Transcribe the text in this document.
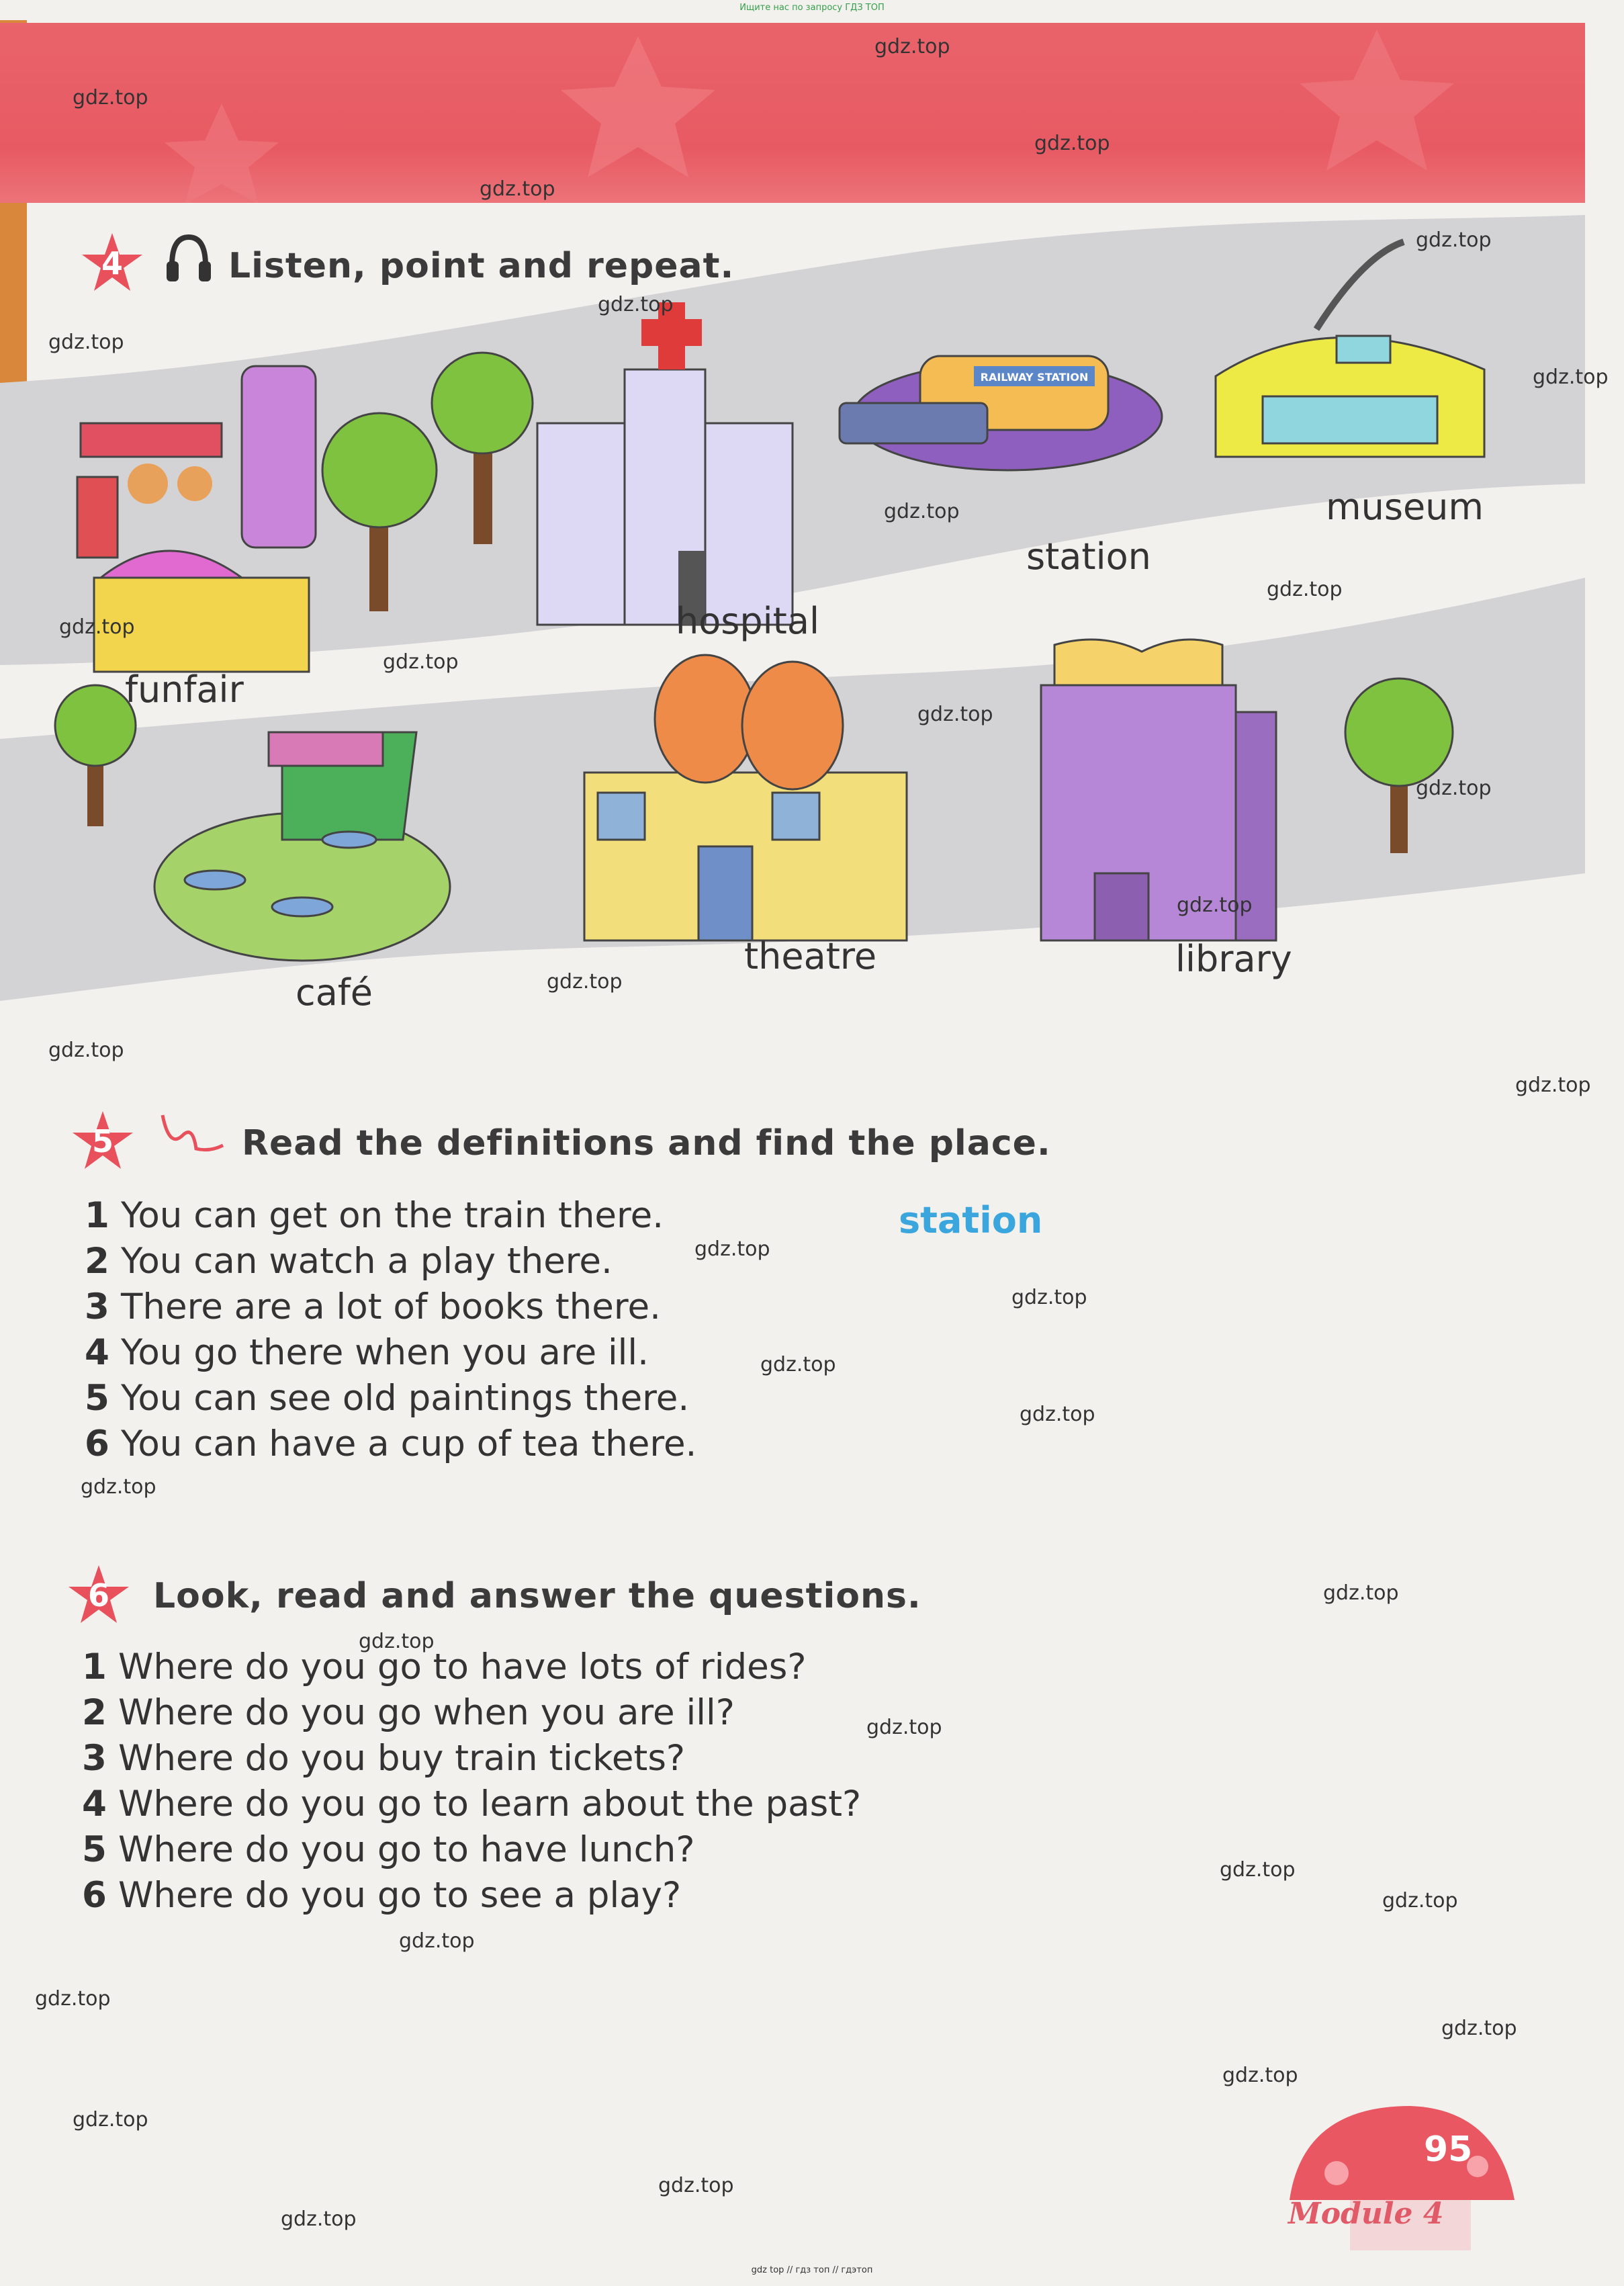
Ищите нас по запросу ГДЗ ТОП
gdz top // гдз топ // гдэтоп
RAILWAY STATION
4	Listen, point and repeat.
funfair
hospital
station
museum
café
theatre	library
5	Read the definitions and find the place.
1 You can get on the train there.
2 You can watch a play there.
3 There are a lot of books there.
4 You go there when you are ill.
5 You can see old paintings there.
6 You can have a cup of tea there.
station
6 Look, read and answer the questions.
1 Where do you go to have lots of rides?
2 Where do you go when you are ill?
3 Where do you buy train tickets?
4 Where do you go to learn about the past?
5 Where do you go to have lunch?
6 Where do you go to see a play?
95
Module 4
gdz.top
gdz.top
gdz.top
gdz.top
gdz.top
gdz.top
gdz.top
gdz.top
gdz.top
gdz.top
gdz.top
gdz.top
gdz.top
gdz.top
gdz.top
gdz.top
gdz.top
gdz.top
gdz.top
gdz.top
gdz.top
gdz.top
gdz.top
gdz.top
gdz.top
gdz.top
gdz.top
gdz.top
gdz.top
gdz.top
gdz.top
gdz.top
gdz.top
gdz.top
gdz.top
